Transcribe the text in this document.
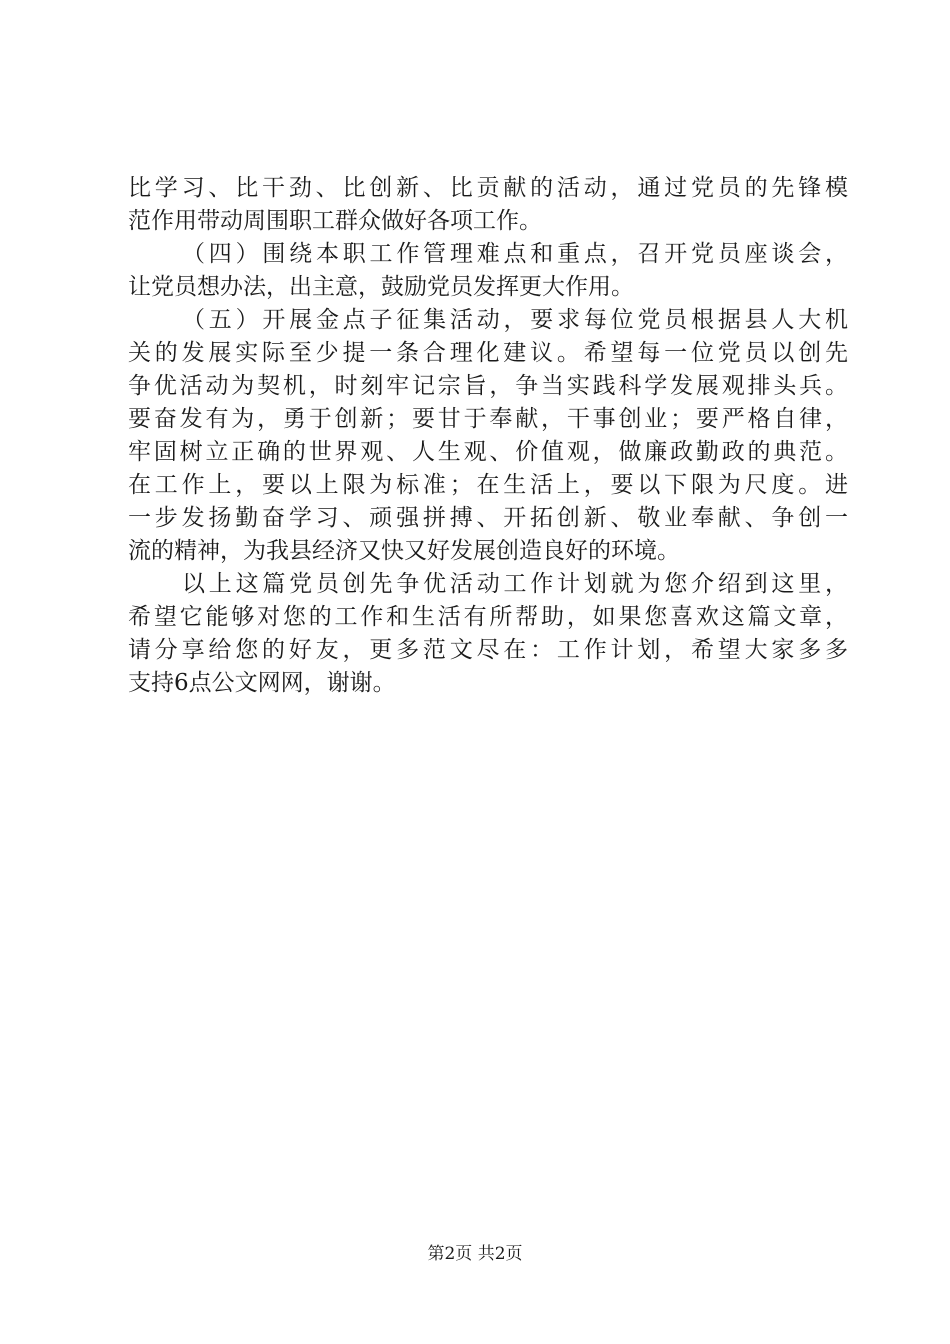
比学习、比干劲、比创新、比贡献的活动，通过党员的先锋模
范作用带动周围职工群众做好各项工作。
（四）围绕本职工作管理难点和重点，召开党员座谈会，
让党员想办法，出主意，鼓励党员发挥更大作用。
（五）开展金点子征集活动，要求每位党员根据县人大机
关的发展实际至少提一条合理化建议。希望每一位党员以创先
争优活动为契机，时刻牢记宗旨，争当实践科学发展观排头兵。
要奋发有为，勇于创新；要甘于奉献，干事创业；要严格自律，
牢固树立正确的世界观、人生观、价值观，做廉政勤政的典范。
在工作上，要以上限为标准；在生活上，要以下限为尺度。进
一步发扬勤奋学习、顽强拼搏、开拓创新、敬业奉献、争创一
流的精神，为我县经济又快又好发展创造良好的环境。
以上这篇党员创先争优活动工作计划就为您介绍到这里，
希望它能够对您的工作和生活有所帮助，如果您喜欢这篇文章，
请分享给您的好友，更多范文尽在：工作计划，希望大家多多
支持6点公文网网，谢谢。
第2页 共2页
